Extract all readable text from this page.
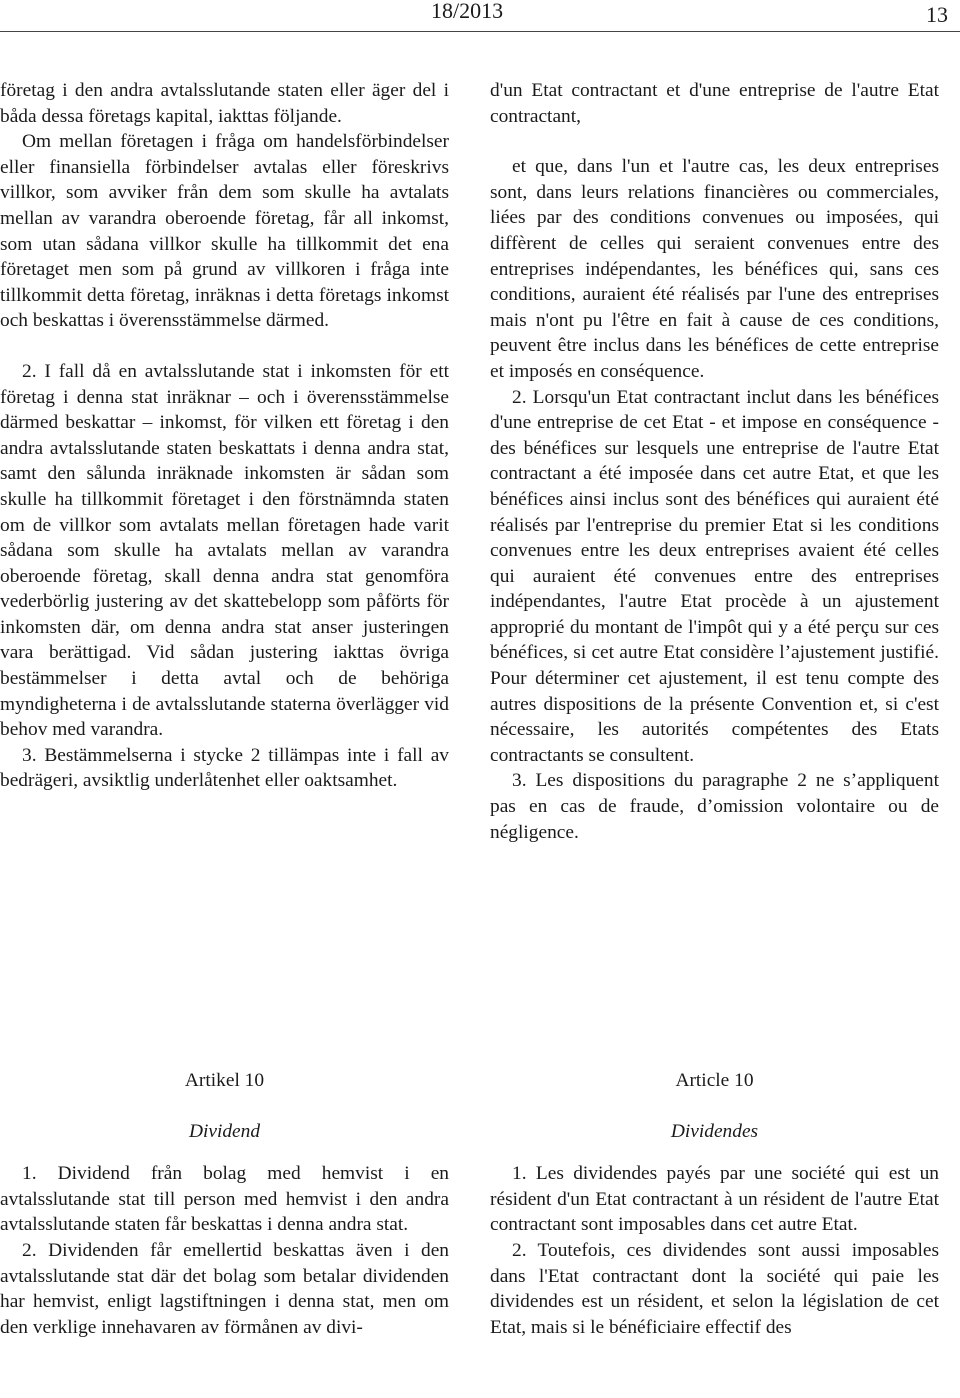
18/2013	13

företag i den andra avtalsslutande staten eller äger del i båda dessa företags kapital, iakttas följande.

Om mellan företagen i fråga om handelsförbindelser eller finansiella förbindelser avtalas eller föreskrivs villkor, som avviker från dem som skulle ha avtalats mellan av varandra oberoende företag, får all inkomst, som utan sådana villkor skulle ha tillkommit det ena företaget men som på grund av villkoren i fråga inte tillkommit detta företag, inräknas i detta företags inkomst och beskattas i överensstämmelse därmed.

2. I fall då en avtalsslutande stat i inkomsten för ett företag i denna stat inräknar – och i överensstämmelse därmed beskattar – inkomst, för vilken ett företag i den andra avtalsslutande staten beskattats i denna andra stat, samt den sålunda inräknade inkomsten är sådan som skulle ha tillkommit företaget i den förstnämnda staten om de villkor som avtalats mellan företagen hade varit sådana som skulle ha avtalats mellan av varandra oberoende företag, skall denna andra stat genomföra vederbörlig justering av det skattebelopp som påförts för inkomsten där, om denna andra stat anser justeringen vara berättigad. Vid sådan justering iakttas övriga bestämmelser i detta avtal och de behöriga myndigheterna i de avtalsslutande staterna överlägger vid behov med varandra.

3. Bestämmelserna i stycke 2 tillämpas inte i fall av bedrägeri, avsiktlig underlåtenhet eller oaktsamhet.

d'un Etat contractant et d'une entreprise de l'autre Etat contractant,

et que, dans l'un et l'autre cas, les deux entreprises sont, dans leurs relations financières ou commerciales, liées par des conditions convenues ou imposées, qui diffèrent de celles qui seraient convenues entre des entreprises indépendantes, les bénéfices qui, sans ces conditions, auraient été réalisés par l'une des entreprises mais n'ont pu l'être en fait à cause de ces conditions, peuvent être inclus dans les bénéfices de cette entreprise et imposés en conséquence.

2. Lorsqu'un Etat contractant inclut dans les bénéfices d'une entreprise de cet Etat - et impose en conséquence - des bénéfices sur lesquels une entreprise de l'autre Etat contractant a été imposée dans cet autre Etat, et que les bénéfices ainsi inclus sont des bénéfices qui auraient été réalisés par l'entreprise du premier Etat si les conditions convenues entre les deux entreprises avaient été celles qui auraient été convenues entre des entreprises indépendantes, l'autre Etat procède à un ajustement approprié du montant de l'impôt qui y a été perçu sur ces bénéfices, si cet autre Etat considère l’ajustement justifié. Pour déterminer cet ajustement, il est tenu compte des autres dispositions de la présente Convention et, si c'est nécessaire, les autorités compétentes des Etats contractants se consultent.

3. Les dispositions du paragraphe 2 ne s’appliquent pas en cas de fraude, d’omission volontaire ou de négligence.

Artikel 10

Dividend

1. Dividend från bolag med hemvist i en avtalsslutande stat till person med hemvist i den andra avtalsslutande staten får beskattas i denna andra stat.

2. Dividenden får emellertid beskattas även i den avtalsslutande stat där det bolag som betalar dividenden har hemvist, enligt lagstiftningen i denna stat, men om den verklige innehavaren av förmånen av divi-

Article 10

Dividendes

1. Les dividendes payés par une société qui est un résident d'un Etat contractant à un résident de l'autre Etat contractant sont imposables dans cet autre Etat.

2. Toutefois, ces dividendes sont aussi imposables dans l'Etat contractant dont la société qui paie les dividendes est un résident, et selon la législation de cet Etat, mais si le bénéficiaire effectif des
